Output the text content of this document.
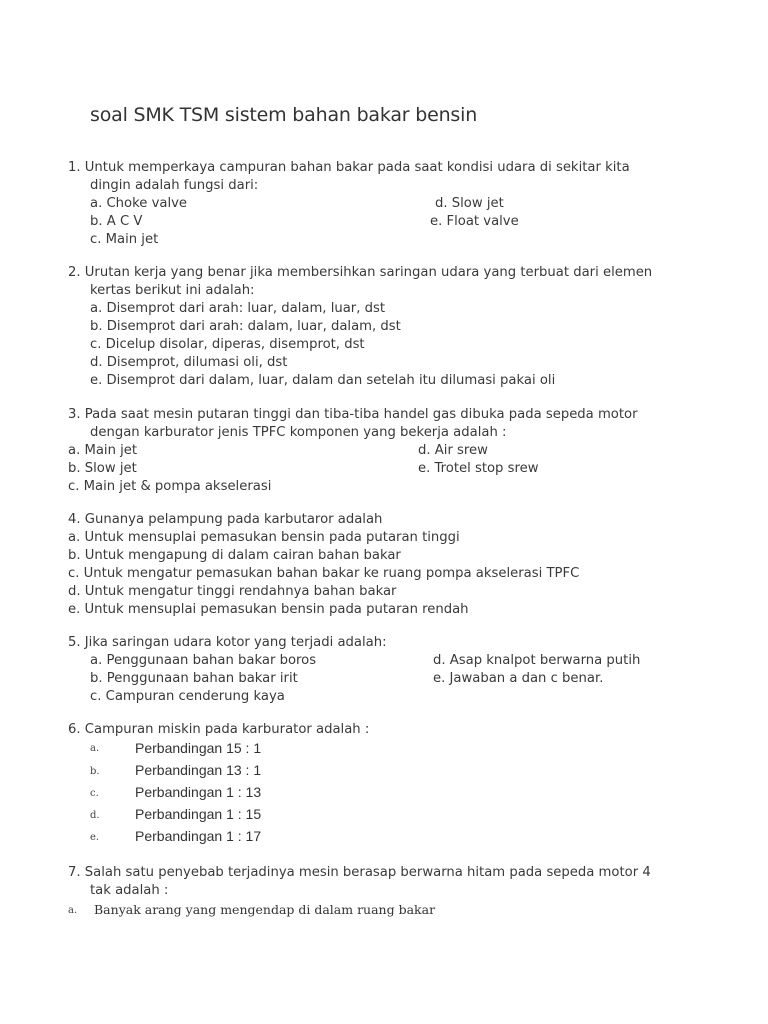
soal SMK TSM sistem bahan bakar bensin
1. Untuk memperkaya campuran bahan bakar pada saat kondisi udara di sekitar kita
dingin adalah fungsi dari:
a. Choke valve
b. A C V
c. Main jet
d. Slow jet
e. Float valve
2. Urutan kerja yang benar jika membersihkan saringan udara yang terbuat dari elemen
kertas berikut ini adalah:
a. Disemprot dari arah: luar, dalam, luar, dst
b. Disemprot dari arah: dalam, luar, dalam, dst
c. Dicelup disolar, diperas, disemprot, dst
d. Disemprot, dilumasi oli, dst
e. Disemprot dari dalam, luar, dalam dan setelah itu dilumasi pakai oli
3. Pada saat mesin putaran tinggi dan tiba-tiba handel gas dibuka pada sepeda motor
dengan karburator jenis TPFC komponen yang bekerja adalah :
a. Main jet
b. Slow jet
c. Main jet & pompa akselerasi
d. Air srew
e. Trotel stop srew
4. Gunanya pelampung pada karbutaror adalah
a. Untuk mensuplai pemasukan bensin pada putaran tinggi
b. Untuk mengapung di dalam cairan bahan bakar
c. Untuk mengatur pemasukan bahan bakar ke ruang pompa akselerasi TPFC
d. Untuk mengatur tinggi rendahnya bahan bakar
e. Untuk mensuplai pemasukan bensin pada putaran rendah
5. Jika saringan udara kotor yang terjadi adalah:
a. Penggunaan bahan bakar boros
b. Penggunaan bahan bakar irit
c. Campuran cenderung kaya
d. Asap knalpot berwarna putih
e. Jawaban a dan c benar.
6. Campuran miskin pada karburator adalah :
a.	Perbandingan 15 : 1
b.	Perbandingan 13 : 1
c.	Perbandingan 1 : 13
d.	Perbandingan 1 : 15
e.	Perbandingan 1 : 17
7. Salah satu penyebab terjadinya mesin berasap berwarna hitam pada sepeda motor 4
tak adalah :
a. Banyak arang yang mengendap di dalam ruang bakar
